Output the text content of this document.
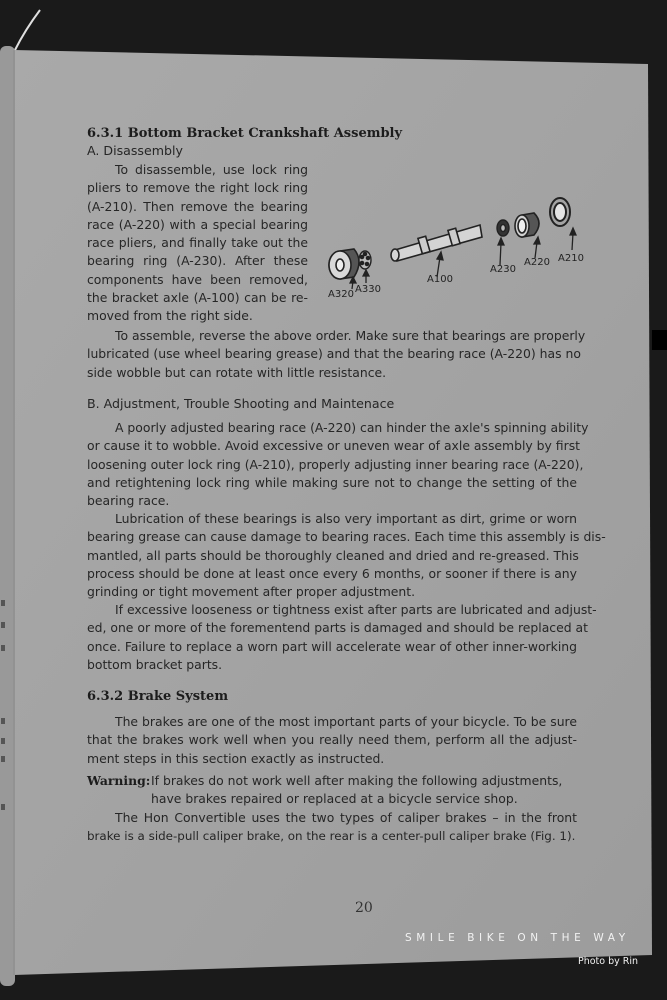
6.3.1 Bottom Bracket Crankshaft Assembly
A. Disassembly
To disassemble, use lock ring
pliers to remove the right lock ring
(A-210). Then remove the bearing
race (A-220) with a special bearing
race pliers, and finally take out the
bearing ring (A-230). After these
components have been removed,
the bracket axle (A-100) can be re-
moved from the right side.
A320 A330
A100
A230
A220 A210
To assemble, reverse the above order. Make sure that bearings are properly
lubricated (use wheel bearing grease) and that the bearing race (A-220) has no
side wobble but can rotate with little resistance.
B. Adjustment, Trouble Shooting and Maintenace
A poorly adjusted bearing race (A-220) can hinder the axle's spinning ability
or cause it to wobble. Avoid excessive or uneven wear of axle assembly by first
loosening outer lock ring (A-210), properly adjusting inner bearing race (A-220),
and retightening lock ring while making sure not to change the setting of the
bearing race.
Lubrication of these bearings is also very important as dirt, grime or worn
bearing grease can cause damage to bearing races. Each time this assembly is dis-
mantled, all parts should be thoroughly cleaned and dried and re-greased. This
process should be done at least once every 6 months, or sooner if there is any
grinding or tight movement after proper adjustment.
If excessive looseness or tightness exist after parts are lubricated and adjust-
ed, one or more of the forementend parts is damaged and should be replaced at
once. Failure to replace a worn part will accelerate wear of other inner-working
bottom bracket parts.
6.3.2 Brake System
The brakes are one of the most important parts of your bicycle. To be sure
that the brakes work well when you really need them, perform all the adjust-
ment steps in this section exactly as instructed.
Warning: If brakes do not work well after making the following adjustments,
have brakes repaired or replaced at a bicycle service shop.
The Hon Convertible uses the two types of caliper brakes – in the front
brake is a side-pull caliper brake, on the rear is a center-pull caliper brake (Fig. 1).
20
SMILE BIKE ON THE WAY
Photo by Rin
